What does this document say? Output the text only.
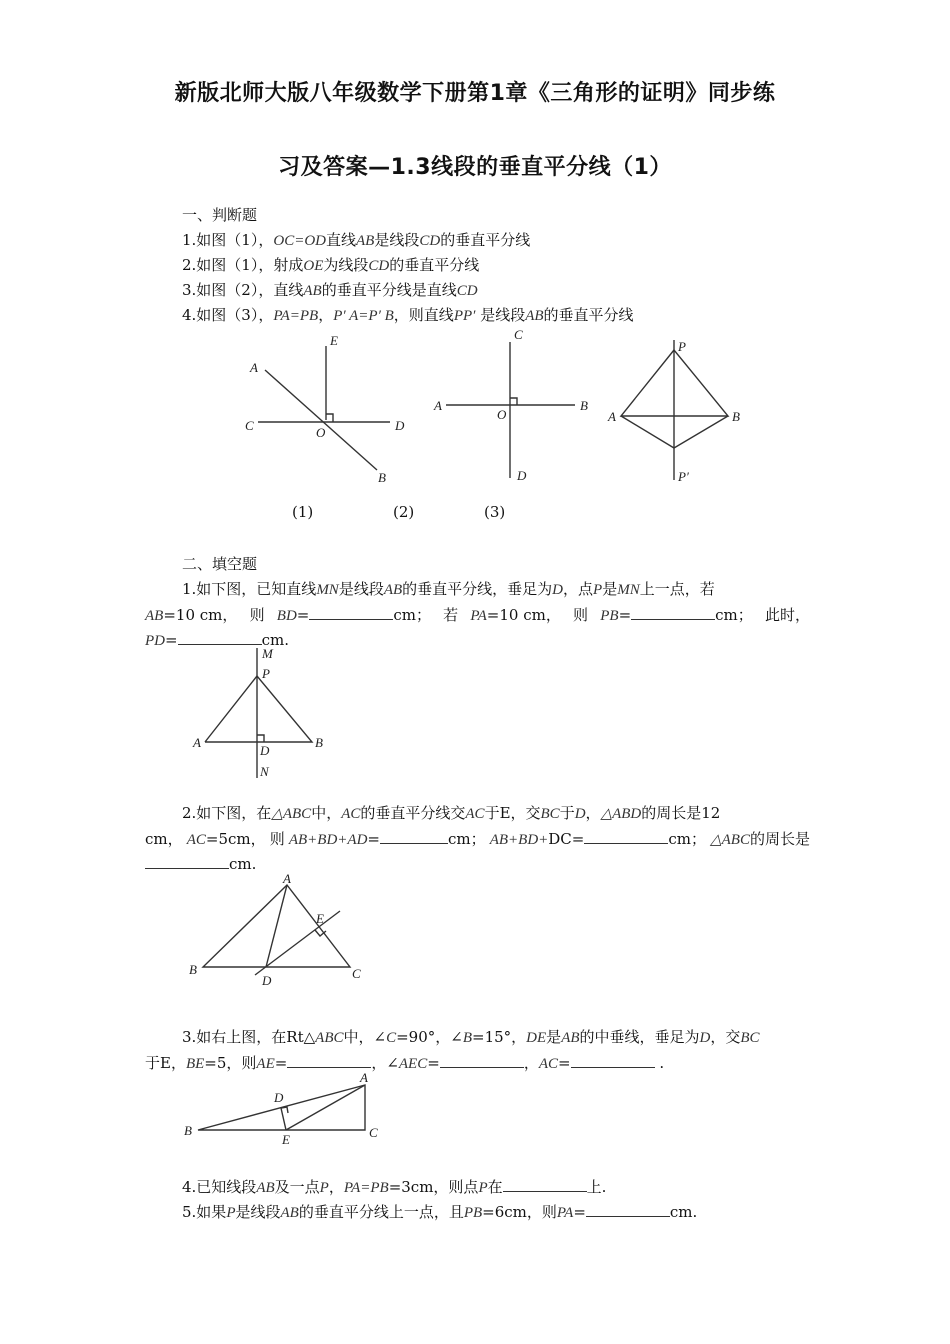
新版北师大版八年级数学下册第1章《三角形的证明》同步练
习及答案—1.3线段的垂直平分线（1）
一、判断题
1.如图（1），OC=OD直线AB是线段CD的垂直平分线
2.如图（1），射成OE为线段CD的垂直平分线
3.如图（2），直线AB的垂直平分线是直线CD
4.如图（3），PA=PB，P′ A=P′ B，则直线PP′ 是线段AB的垂直平分线
A
E
C	O	D
B
C
A
O
B
D
P
A	B
P′
(1)	(2)	(3)
二、填空题
1.如下图，已知直线MN是线段AB的垂直平分线，垂足为D，点P是MN上一点，若
AB=10 cm， 则 BD=	cm； 若 PA=10 cm， 则 PB=	cm； 此时，
PD=	cm.
M
P
A
D
B
N
2.如下图，在△ABC中，AC的垂直平分线交AC于E，交BC于D，△ABD的周长是12
cm， AC=5cm， 则 AB+BD+AD=	cm； AB+BD+DC=	cm； △ABC的周长是
cm.
A
E
B
D	C
3.如右上图，在Rt△ABC中，∠C=90°，∠B=15°，DE是AB的中垂线，垂足为D，交BC
于E，BE=5，则AE=	，∠AEC=	，AC=	.
A
D
B
E	C
4.已知线段AB及一点P，PA=PB=3cm，则点P在	上.
5.如果P是线段AB的垂直平分线上一点，且PB=6cm，则PA=	cm.
